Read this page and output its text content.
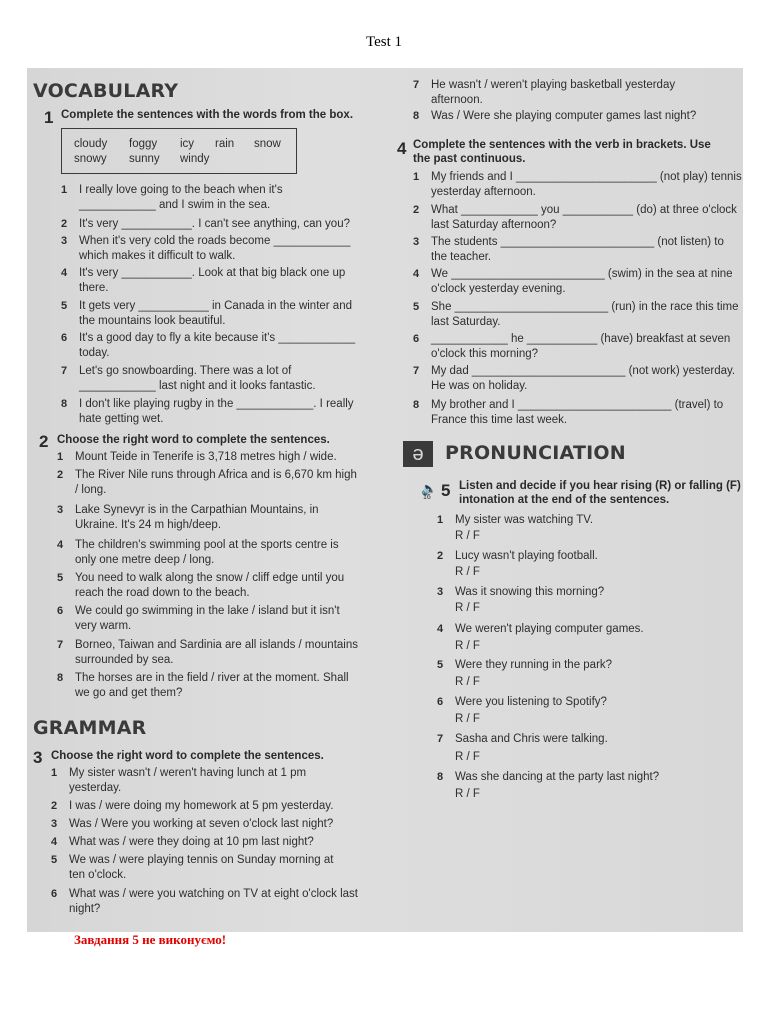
Test 1
VOCABULARY
1 Complete the sentences with the words from the box.
cloudy foggy icy rain snow
snowy sunny windy
1 I really love going to the beach when it's ____________ and I swim in the sea.
2 It's very ___________. I can't see anything, can you?
3 When it's very cold the roads become ____________ which makes it difficult to walk.
4 It's very ___________. Look at that big black one up there.
5 It gets very ___________ in Canada in the winter and the mountains look beautiful.
6 It's a good day to fly a kite because it's ____________ today.
7 Let's go snowboarding. There was a lot of ____________ last night and it looks fantastic.
8 I don't like playing rugby in the ____________. I really hate getting wet.
2 Choose the right word to complete the sentences.
1 Mount Teide in Tenerife is 3,718 metres high / wide.
2 The River Nile runs through Africa and is 6,670 km high / long.
3 Lake Synevyr is in the Carpathian Mountains, in Ukraine. It's 24 m high/deep.
4 The children's swimming pool at the sports centre is only one metre deep / long.
5 You need to walk along the snow / cliff edge until you reach the road down to the beach.
6 We could go swimming in the lake / island but it isn't very warm.
7 Borneo, Taiwan and Sardinia are all islands / mountains surrounded by sea.
8 The horses are in the field / river at the moment. Shall we go and get them?
GRAMMAR
3 Choose the right word to complete the sentences.
1 My sister wasn't / weren't having lunch at 1 pm yesterday.
2 I was / were doing my homework at 5 pm yesterday.
3 Was / Were you working at seven o'clock last night?
4 What was / were they doing at 10 pm last night?
5 We was / were playing tennis on Sunday morning at ten o'clock.
6 What was / were you watching on TV at eight o'clock last night?
7 He wasn't / weren't playing basketball yesterday afternoon.
8 Was / Were she playing computer games last night?
4 Complete the sentences with the verb in brackets. Use the past continuous.
1 My friends and I ______________________ (not play) tennis yesterday afternoon.
2 What ____________ you ___________ (do) at three o'clock last Saturday afternoon?
3 The students ________________________ (not listen) to the teacher.
4 We ________________________ (swim) in the sea at nine o'clock yesterday evening.
5 She ________________________ (run) in the race this time last Saturday.
6 ____________ he ___________ (have) breakfast at seven o'clock this morning?
7 My dad ________________________ (not work) yesterday. He was on holiday.
8 My brother and I ________________________ (travel) to France this time last week.
ə	PRONUNCIATION
🔈
16 5 Listen and decide if you hear rising (R) or falling (F) intonation at the end of the sentences.
1 My sister was watching TV.
R / F
2 Lucy wasn't playing football.
R / F
3 Was it snowing this morning?
R / F
4 We weren't playing computer games.
R / F
5 Were they running in the park?
R / F
6 Were you listening to Spotify?
R / F
7 Sasha and Chris were talking.
R / F
8 Was she dancing at the party last night?
R / F
Завдання 5 не виконуємо!
